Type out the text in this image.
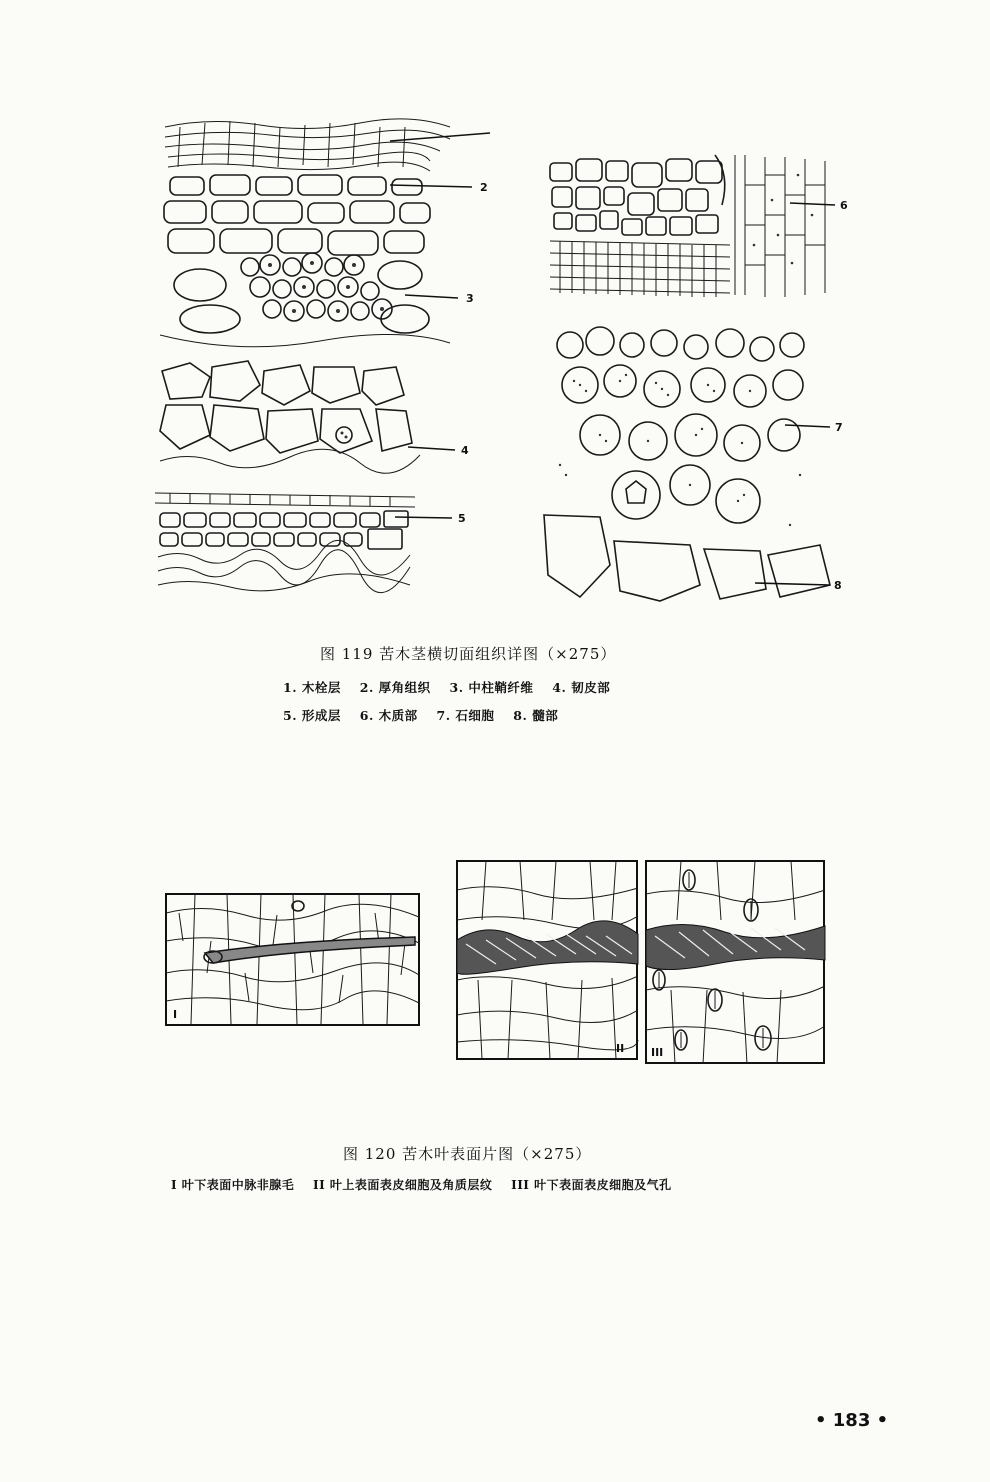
2
3
4
5
6
7
8
图 119 苦木茎横切面组织详图（×275）
1. 木栓层 2. 厚角组织 3. 中柱鞘纤维 4. 韧皮部
5. 形成层 6. 木质部 7. 石细胞 8. 髓部
I
II III
图 120 苦木叶表面片图（×275）
I 叶下表面中脉非腺毛 II 叶上表面表皮细胞及角质层纹 III 叶下表面表皮细胞及气孔
• 183 •
